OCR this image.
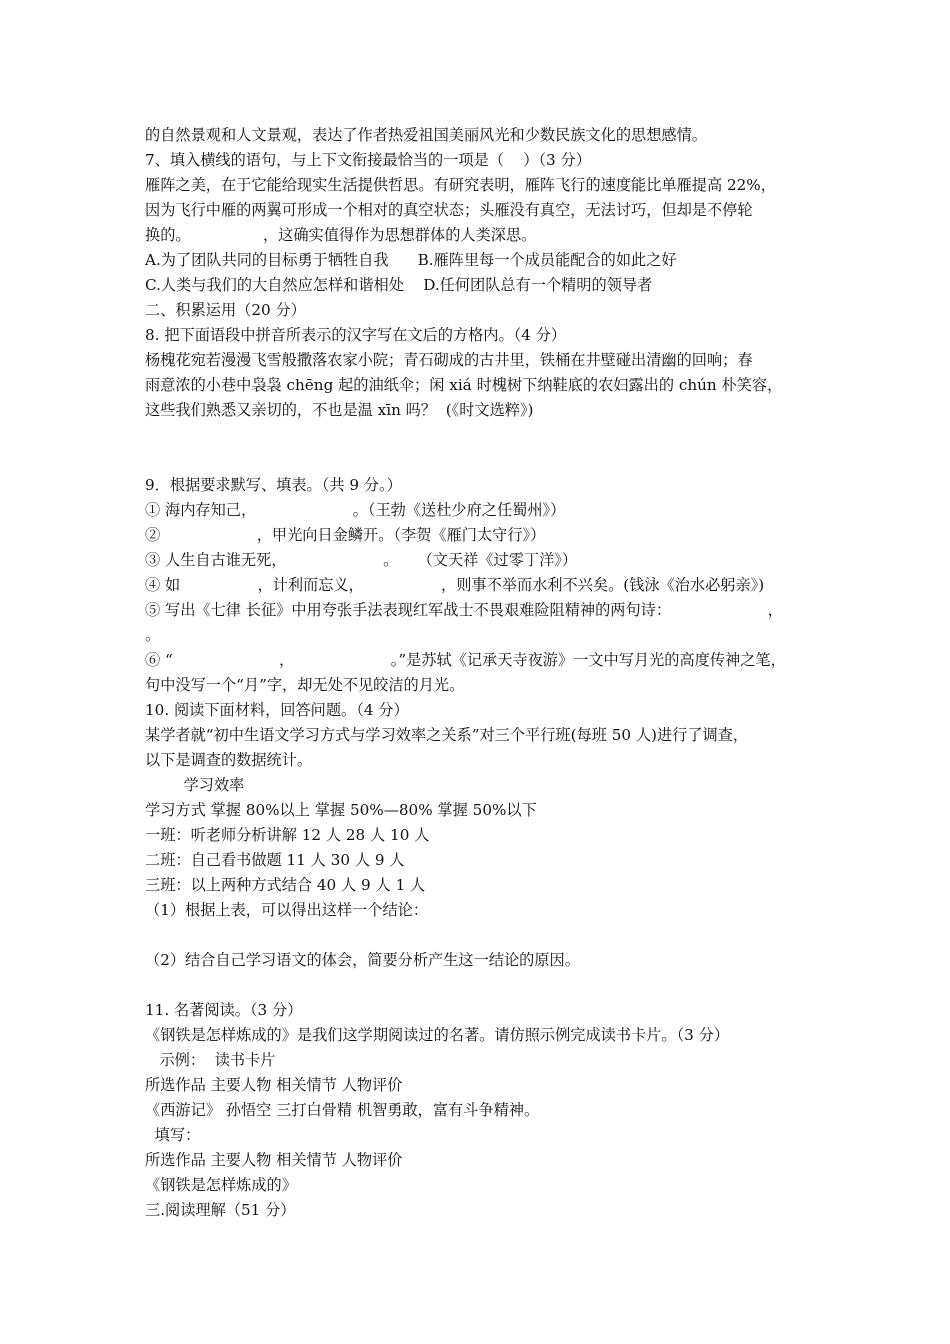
的自然景观和人文景观，表达了作者热爱祖国美丽风光和少数民族文化的思想感情。
7、填入横线的语句，与上下文衔接最恰当的一项是（    ）（3 分）
雁阵之美，在于它能给现实生活提供哲思。有研究表明，雁阵飞行的速度能比单雁提高 22%，
因为飞行中雁的两翼可形成一个相对的真空状态；头雁没有真空，无法讨巧，但却是不停轮
换的。               ，这确实值得作为思想群体的人类深思。
A.为了团队共同的目标勇于牺牲自我      B.雁阵里每一个成员能配合的如此之好
C.人类与我们的大自然应怎样和谐相处    D.任何团队总有一个精明的领导者
二、积累运用（20 分）
8. 把下面语段中拼音所表示的汉字写在文后的方格内。（4 分）
杨槐花宛若漫漫飞雪般撒落农家小院；青石砌成的古井里，铁桶在井壁碰出清幽的回响；春
雨意浓的小巷中袅袅 chēng 起的油纸伞；闲 xiá 时槐树下纳鞋底的农妇露出的 chún 朴笑容，
这些我们熟悉又亲切的，不也是温 xīn 吗？  (《时文选粹》)
9．根据要求默写、填表。（共 9 分。）
① 海内存知己，                    。（王勃《送杜少府之任蜀州》）
②                    ，甲光向日金鳞开。（李贺《雁门太守行》）
③ 人生自古谁无死，                    。    （文天祥《过零丁洋》）
④ 如                ，计利而忘义，                ，则事不举而水利不兴矣。(钱泳《治水必躬亲》)
⑤ 写出《七律 长征》中用夸张手法表现红军战士不畏艰难险阻精神的两句诗：                    ，
。
⑥ “                      ，                    。”是苏轼《记承天寺夜游》一文中写月光的高度传神之笔，
句中没写一个“月”字，却无处不见皎洁的月光。
10. 阅读下面材料，回答问题。（4 分）
某学者就“初中生语文学习方式与学习效率之关系”对三个平行班(每班 50 人)进行了调查，
以下是调查的数据统计。
学习效率
学习方式 掌握 80%以上 掌握 50%—80% 掌握 50%以下
一班：听老师分析讲解 12 人 28 人 10 人
二班：自己看书做题 11 人 30 人 9 人
三班：以上两种方式结合 40 人 9 人 1 人
（1）根据上表，可以得出这样一个结论：
（2）结合自己学习语文的体会，简要分析产生这一结论的原因。
11. 名著阅读。（3 分）
《钢铁是怎样炼成的》是我们这学期阅读过的名著。请仿照示例完成读书卡片。（3 分）
示例：  读书卡片
所选作品 主要人物 相关情节 人物评价
《西游记》 孙悟空 三打白骨精 机智勇敢，富有斗争精神。
填写：
所选作品 主要人物 相关情节 人物评价
《钢铁是怎样炼成的》
三.阅读理解（51 分）
